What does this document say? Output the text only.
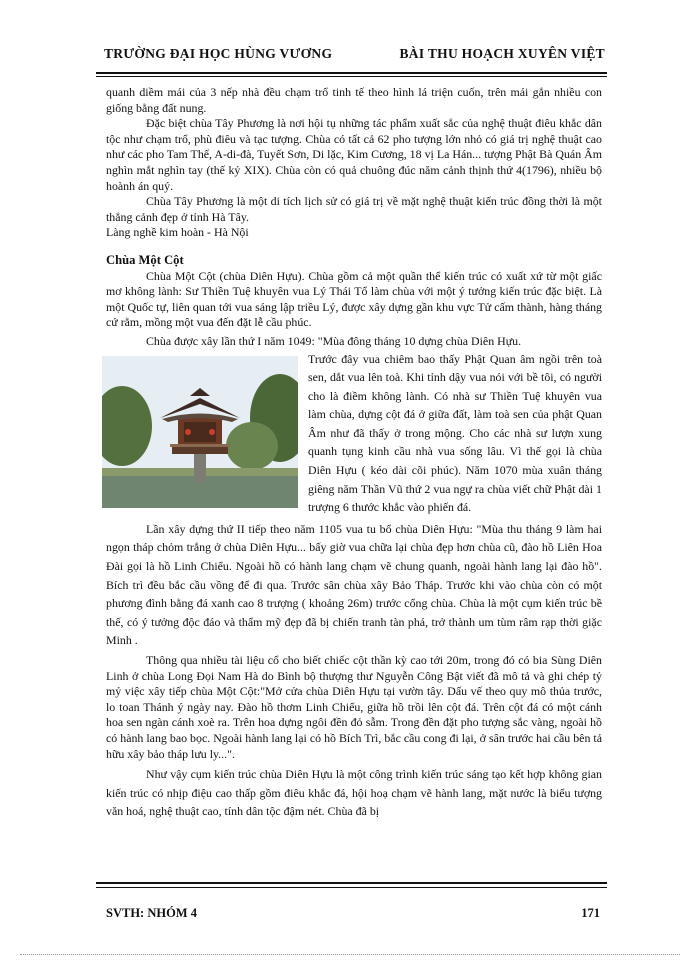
TRƯỜNG ĐẠI HỌC HÙNG VƯƠNG	BÀI THU HOẠCH XUYÊN VIỆT

quanh diềm mái của 3 nếp nhà đều chạm trổ tinh tế theo hình lá triện cuốn, trên mái gắn nhiều con giống bằng đất nung.

Đặc biệt chùa Tây Phương là nơi hội tụ những tác phẩm xuất sắc của nghệ thuật điêu khắc dân tộc như chạm trổ, phù điêu và tạc tượng. Chùa có tất cả 62 pho tượng lớn nhỏ có giá trị nghệ thuật cao như các pho Tam Thế, A-di-đà, Tuyết Sơn, Di lặc, Kim Cương, 18 vị La Hán... tượng Phật Bà Quán Âm nghìn mắt nghìn tay (thế kỷ XIX). Chùa còn có quả chuông đúc năm cảnh thịnh thứ 4(1796), nhiều bộ hoành án quý.

Chùa Tây Phương là một di tích lịch sử có giá trị về mặt nghệ thuật kiến trúc đồng thời là một thắng cảnh đẹp ở tỉnh Hà Tây.

Làng nghề kim hoàn - Hà Nội

Chùa Một Cột

Chùa Một Cột (chùa Diên Hựu). Chùa gồm cả một quần thể kiến trúc có xuất xứ từ một giấc mơ không lành: Sư Thiền Tuệ khuyên vua Lý Thái Tổ làm chùa với một ý tưởng kiến trúc đặc biệt. Là một Quốc tự, liên quan tới vua sáng lập triều Lý, được xây dựng gần khu vực Tử cấm thành, hàng tháng cứ rằm, mồng một vua đến đặt lễ cầu phúc.

Chùa được xây lần thứ I năm 1049: "Mùa đông tháng 10 dựng chùa Diên Hựu.

Trước đây vua chiêm bao thấy Phật Quan âm ngồi trên toà sen, dắt vua lên toà. Khi tỉnh dậy vua nói với bề tôi, có người cho là điềm không lành. Có nhà sư Thiền Tuệ khuyên vua làm chùa, dựng cột đá ở giữa đất, làm toà sen của phật Quan Âm như đã thấy ở trong mộng. Cho các nhà sư lượn xung quanh tụng kinh cầu nhà vua sống lâu. Vì thế gọi là chùa Diên Hựu ( kéo dài cõi phúc). Năm 1070 mùa xuân tháng giêng năm Thần Vũ thứ 2 vua ngự ra chùa viết chữ Phật dài 1 trượng 6 thước khắc vào phiến đá.

Lần xây dựng thứ II tiếp theo năm 1105 vua tu bổ chùa Diên Hựu: "Mùa thu tháng 9 làm hai ngọn tháp chỏm trắng ở chùa Diên Hựu... bấy giờ vua chữa lại chùa đẹp hơn chùa cũ, đào hồ Liên Hoa Đài gọi là hồ Linh Chiểu. Ngoài hồ có hành lang chạm vẽ chung quanh, ngoài hành lang lại đào hồ". Bích trì đều bắc cầu vồng để đi qua. Trước sân chùa xây Bảo Tháp. Trước khi vào chùa còn có một phương đình bằng đá xanh cao 8 trượng ( khoảng 26m) trước cổng chùa. Chùa là một cụm kiến trúc bề thế, có ý tưởng độc đáo và thẩm mỹ đẹp đã bị chiến tranh tàn phá, trở thành um tùm râm rạp thời giặc Minh .

Thông qua nhiều tài liệu cổ cho biết chiếc cột thần kỳ cao tới 20m, trong đó có bia Sùng Diên Linh ở chùa Long Đọi Nam Hà do Bình bộ thượng thư Nguyễn Công Bật viết đã mô tả và ghi chép tỷ mỷ việc xây tiếp chùa Một Cột:"Mở cửa chùa Diên Hựu tại vườn tây. Dấu vế theo quy mô thủa trước, lo toan Thánh ý ngày nay. Đào hồ thơm Linh Chiểu, giữa hồ trồi lên cột đá. Trên cột đá có một cánh hoa sen ngàn cánh xoè ra. Trên hoa dựng ngôi đền đỏ sẫm. Trong đền đặt pho tượng sắc vàng, ngoài hồ có hành lang bao bọc. Ngoài hành lang lại có hồ Bích Trì, bắc cầu cong đi lại, ở sân trước hai cầu bên tả hữu xây bảo tháp lưu ly...".

Như vậy cụm kiến trúc chùa Diên Hựu là một công trình kiến trúc sáng tạo kết hợp không gian kiến trúc có nhịp điệu cao thấp gồm điêu khắc đá, hội hoạ chạm vẽ hành lang, mặt nước là biểu tượng văn hoá, nghệ thuật cao, tính dân tộc đậm nét. Chùa đã bị

SVTH: NHÓM 4	171
